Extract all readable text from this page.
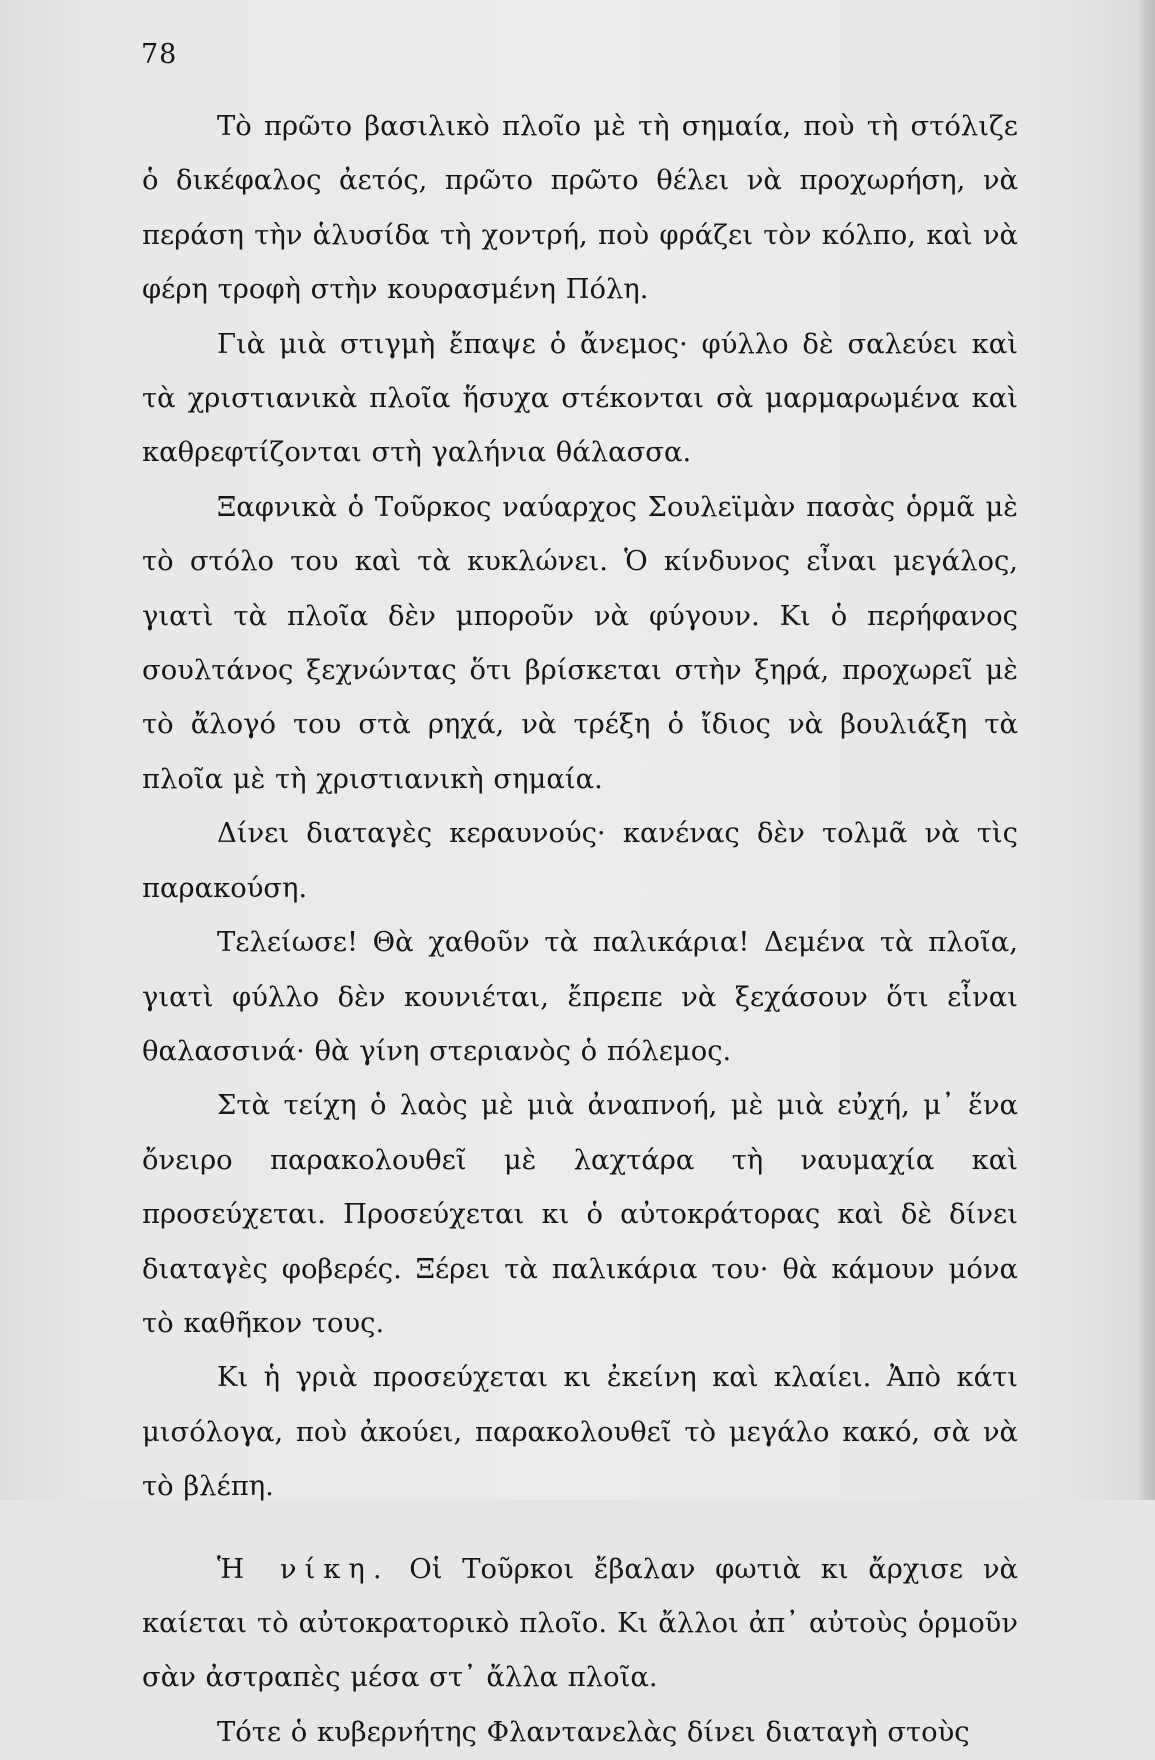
78

Τὸ πρῶτο βασιλικὸ πλοῖο μὲ τὴ σημαία, ποὺ τὴ στόλιζε ὁ δικέφαλος ἀετός, πρῶτο πρῶτο θέλει νὰ προχωρήση, νὰ περάση τὴν ἁλυσίδα τὴ χοντρή, ποὺ φράζει τὸν κόλπο, καὶ νὰ φέρη τροφὴ στὴν κουρασμένη Πόλη.

Γιὰ μιὰ στιγμὴ ἔπαψε ὁ ἄνεμος· φύλλο δὲ σαλεύει καὶ τὰ χριστιανικὰ πλοῖα ἥσυχα στέκονται σὰ μαρμαρωμένα καὶ καθρεφτίζονται στὴ γαλήνια θάλασσα.

Ξαφνικὰ ὁ Τοῦρκος ναύαρχος Σουλεϊμὰν πασὰς ὁρμᾶ μὲ τὸ στόλο του καὶ τὰ κυκλώνει. Ὁ κίνδυνος εἶναι μεγάλος, γιατὶ τὰ πλοῖα δὲν μποροῦν νὰ φύγουν. Κι ὁ περήφανος σουλτάνος ξεχνώντας ὅτι βρίσκεται στὴν ξηρά, προχωρεῖ μὲ τὸ ἄλογό του στὰ ρηχά, νὰ τρέξη ὁ ἴδιος νὰ βουλιάξη τὰ πλοῖα μὲ τὴ χριστιανικὴ σημαία.

Δίνει διαταγὲς κεραυνούς· κανένας δὲν τολμᾶ νὰ τὶς παρακούση.

Τελείωσε! Θὰ χαθοῦν τὰ παλικάρια! Δεμένα τὰ πλοῖα, γιατὶ φύλλο δὲν κουνιέται, ἔπρεπε νὰ ξεχάσουν ὅτι εἶναι θαλασσινά· θὰ γίνη στεριανὸς ὁ πόλεμος.

Στὰ τείχη ὁ λαὸς μὲ μιὰ ἀναπνοή, μὲ μιὰ εὐχή, μ᾿ ἕνα ὄνειρο παρακολουθεῖ μὲ λαχτάρα τὴ ναυμαχία καὶ προσεύχεται. Προσεύχεται κι ὁ αὐτοκράτορας καὶ δὲ δίνει διαταγὲς φοβερές. Ξέρει τὰ παλικάρια του· θὰ κάμουν μόνα τὸ καθῆκον τους.

Κι ἡ γριὰ προσεύχεται κι ἐκείνη καὶ κλαίει. Ἀπὸ κάτι μισόλογα, ποὺ ἀκούει, παρακολουθεῖ τὸ μεγάλο κακό, σὰ νὰ τὸ βλέπη.

Ἡ νίκη. Οἱ Τοῦρκοι ἔβαλαν φωτιὰ κι ἄρχισε νὰ καίεται τὸ αὐτοκρατορικὸ πλοῖο. Κι ἄλλοι ἀπ᾿ αὐτοὺς ὁρμοῦν σὰν ἀστραπὲς μέσα στ᾿ ἄλλα πλοῖα.

Τότε ὁ κυβερνήτης Φλαντανελὰς δίνει διαταγὴ στοὺς
